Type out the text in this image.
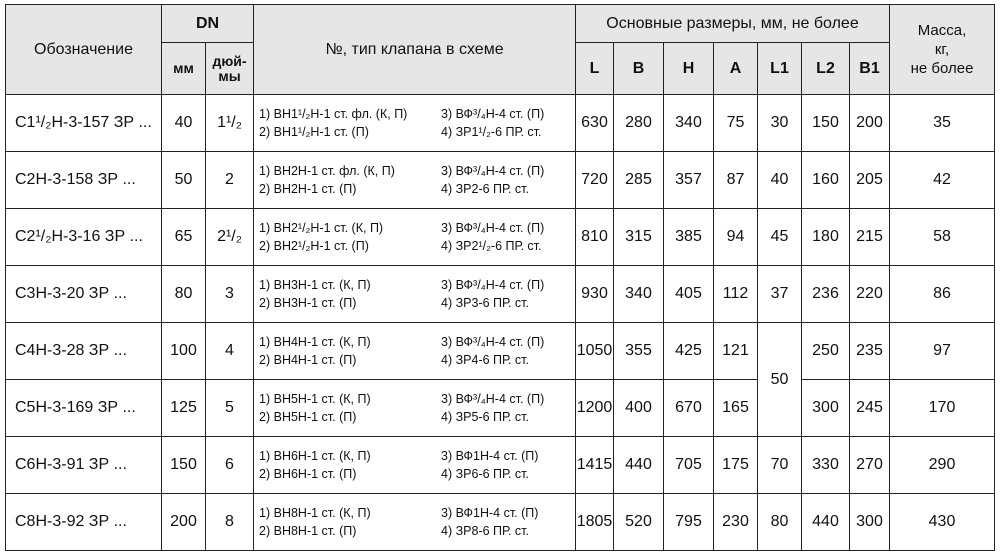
Обозначение	DN		№, тип клапана в схеме	Основные размеры, мм, не более							Масса,
кг,
не более
	мм	дюй-
мы		L	B	H	A	L1	L2	B1	
С1¹/₂Н-3-157 ЗР ...	40	1¹/₂	1) ВН1¹/₂Н-1 ст. фл. (К, П) 3) ВФ³/₄Н-4 ст. (П)
2) ВН1¹/₂Н-1 ст. (П) 4) ЗР1¹/₂-6 ПР. ст.	630	280	340	75	30	150	200	35
С2Н-3-158 ЗР ...	50	2	1) ВН2Н-1 ст. фл. (К, П) 3) ВФ³/₄Н-4 ст. (П)
2) ВН2Н-1 ст. (П) 4) ЗР2-6 ПР. ст.	720	285	357	87	40	160	205	42
С2¹/₂Н-3-16 ЗР ...	65	2¹/₂	1) ВН2¹/₂Н-1 ст. (К, П) 3) ВФ³/₄Н-4 ст. (П)
2) ВН2¹/₂Н-1 ст. (П) 4) ЗР2¹/₂-6 ПР. ст.	810	315	385	94	45	180	215	58
С3Н-3-20 ЗР ...	80	3	1) ВН3Н-1 ст. (К, П) 3) ВФ³/₄Н-4 ст. (П)
2) ВН3Н-1 ст. (П) 4) ЗР3-6 ПР. ст.	930	340	405	112	37	236	220	86
С4Н-3-28 ЗР ...	100	4	1) ВН4Н-1 ст. (К, П) 3) ВФ³/₄Н-4 ст. (П)
2) ВН4Н-1 ст. (П) 4) ЗР4-6 ПР. ст.	1050	355	425	121	50	250	235	97
С5Н-3-169 ЗР ...	125	5	1) ВН5Н-1 ст. (К, П) 3) ВФ³/₄Н-4 ст. (П)
2) ВН5Н-1 ст. (П) 4) ЗР5-6 ПР. ст.	1200	400	670	165		300	245	170
С6Н-3-91 ЗР ...	150	6	1) ВН6Н-1 ст. (К, П) 3) ВФ1Н-4 ст. (П)
2) ВН6Н-1 ст. (П) 4) ЗР6-6 ПР. ст.	1415	440	705	175	70	330	270	290
С8Н-3-92 ЗР ...	200	8	1) ВН8Н-1 ст. (К, П) 3) ВФ1Н-4 ст. (П)
2) ВН8Н-1 ст. (П) 4) ЗР8-6 ПР. ст.	1805	520	795	230	80	440	300	430
